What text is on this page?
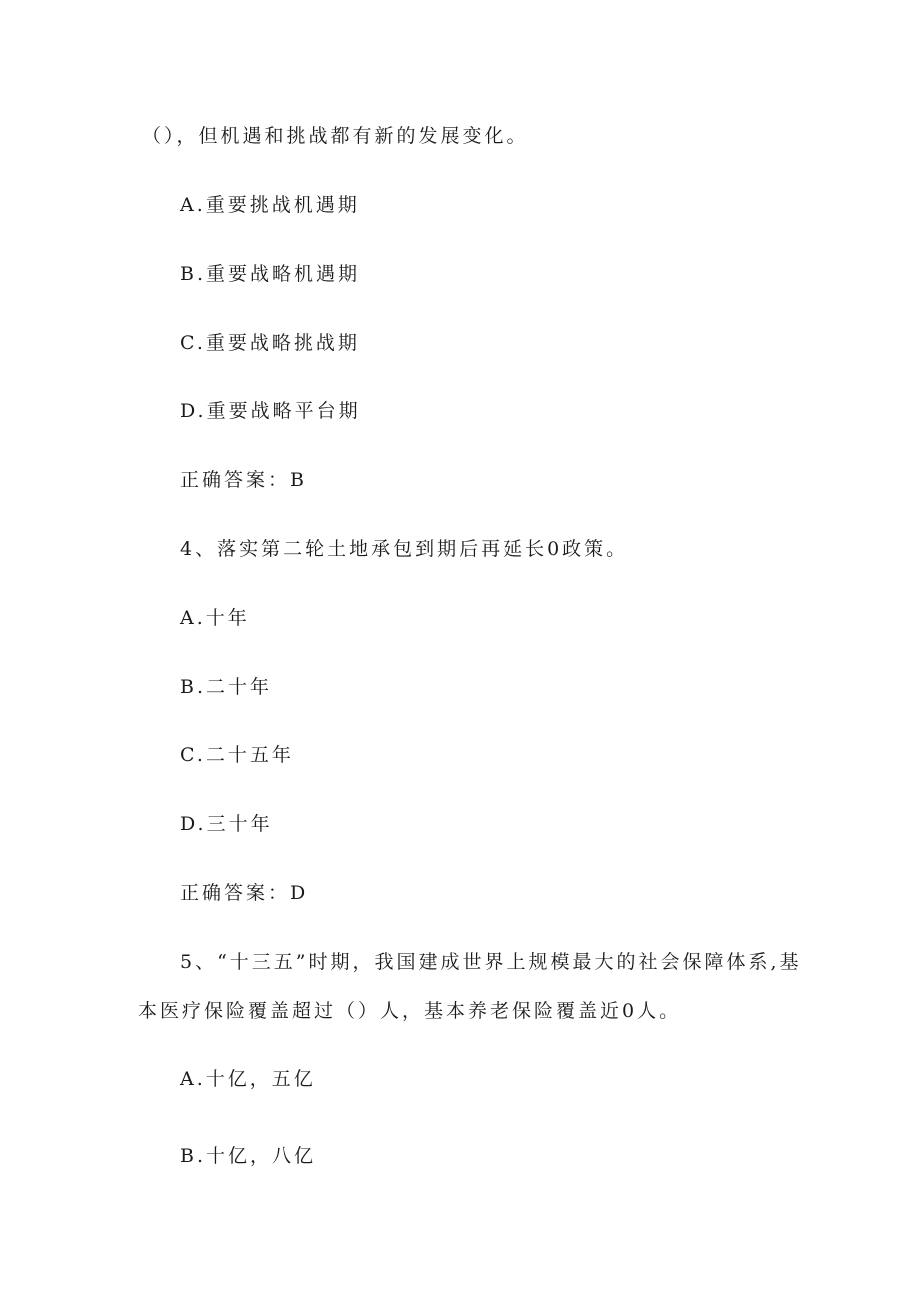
（），但机遇和挑战都有新的发展变化。

A.重要挑战机遇期

B.重要战略机遇期

C.重要战略挑战期

D.重要战略平台期

正确答案：B

4、落实第二轮土地承包到期后再延长0政策。

A.十年

B.二十年

C.二十五年

D.三十年

正确答案：D

5、“十三五”时期，我国建成世界上规模最大的社会保障体系,基

本医疗保险覆盖超过（）人，基本养老保险覆盖近0人。

A.十亿，五亿

B.十亿，八亿
